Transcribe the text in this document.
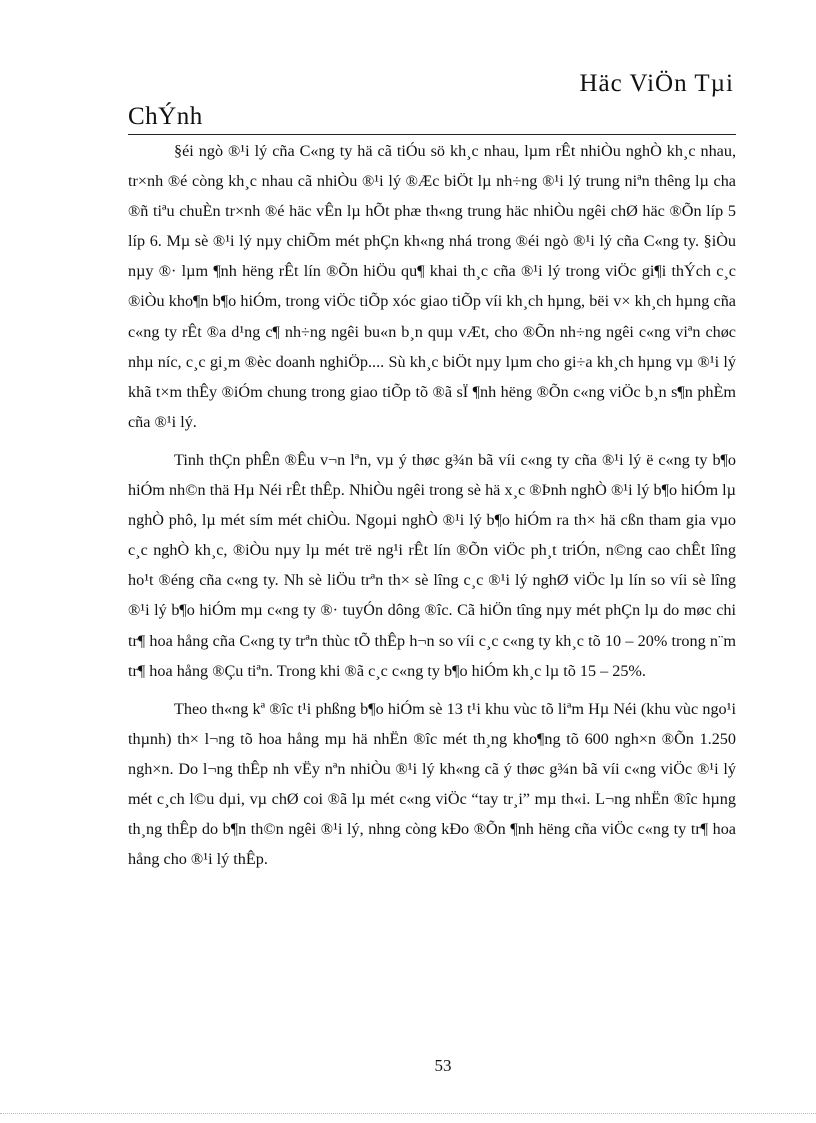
Häc ViÖn Tµi
ChÝnh

§éi ngò ®¹i lý cña C«ng ty hä cã tiÓu sö kh¸c nhau, lµm rÊt nhiÒu nghÒ kh¸c nhau, tr×nh ®é còng kh¸c nhau cã nhiÒu ®¹i lý ®Æc biÖt lµ nh÷ng ®¹i lý trung niªn thêng lµ cha ®ñ tiªu chuÈn tr×nh ®é häc vÊn lµ hÕt phæ th«ng trung häc nhiÒu ngêi chØ häc ®Õn líp 5 líp 6. Mµ sè ®¹i lý nµy chiÕm mét phÇn kh«ng nhá trong ®éi ngò ®¹i lý cña C«ng ty. §iÒu nµy ®· lµm ¶nh hëng rÊt lín ®Õn hiÖu qu¶ khai th¸c cña ®¹i lý trong viÖc gi¶i thÝch c¸c ®iÒu kho¶n b¶o hiÓm, trong viÖc tiÕp xóc giao tiÕp víi kh¸ch hµng, bëi v× kh¸ch hµng cña c«ng ty rÊt ®a d¹ng c¶ nh÷ng ngêi bu«n b¸n quµ vÆt, cho ®Õn nh÷ng ngêi c«ng viªn chøc nhµ níc, c¸c gi¸m ®èc doanh nghiÖp.... Sù kh¸c biÖt nµy lµm cho gi÷a kh¸ch hµng vµ ®¹i lý khã t×m thÊy ®iÓm chung trong giao tiÕp tõ ®ã sÏ ¶nh hëng ®Õn c«ng viÖc b¸n s¶n phÈm cña ®¹i lý.

Tinh thÇn phÊn ®Êu v¬n lªn, vµ ý thøc g¾n bã víi c«ng ty cña ®¹i lý ë c«ng ty b¶o hiÓm nh©n thä Hµ Néi rÊt thÊp. NhiÒu ngêi trong sè hä x¸c ®Þnh nghÒ ®¹i lý b¶o hiÓm lµ nghÒ phô, lµ mét sím mét chiÒu. Ngoµi nghÒ ®¹i lý b¶o hiÓm ra th× hä cßn tham gia vµo c¸c nghÒ kh¸c, ®iÒu nµy lµ mét trë ng¹i rÊt lín ®Õn viÖc ph¸t triÓn, n©ng cao chÊt lîng ho¹t ®éng cña c«ng ty. Nh sè liÖu trªn th× sè lîng c¸c ®¹i lý nghØ viÖc lµ lín so víi sè lîng ®¹i lý b¶o hiÓm mµ c«ng ty ®· tuyÓn dông ®îc. Cã hiÖn tîng nµy mét phÇn lµ do møc chi tr¶ hoa hång cña C«ng ty trªn thùc tÕ thÊp h¬n so víi c¸c c«ng ty kh¸c tõ 10 – 20% trong n¨m tr¶ hoa hång ®Çu tiªn. Trong khi ®ã c¸c c«ng ty b¶o hiÓm kh¸c lµ tõ 15 – 25%.

Theo th«ng kª ®îc t¹i phßng b¶o hiÓm sè 13 t¹i khu vùc tõ liªm Hµ Néi (khu vùc ngo¹i thµnh) th× l¬ng tõ hoa hång mµ hä nhËn ®îc mét th¸ng kho¶ng tõ 600 ngh×n ®Õn 1.250 ngh×n. Do l¬ng thÊp nh vËy nªn nhiÒu ®¹i lý kh«ng cã ý thøc g¾n bã víi c«ng viÖc ®¹i lý mét c¸ch l©u dµi, vµ chØ coi ®ã lµ mét c«ng viÖc “tay tr¸i” mµ th«i. L¬ng nhËn ®îc hµng th¸ng thÊp do b¶n th©n ngêi ®¹i lý, nhng còng kÐo ®Õn ¶nh hëng cña viÖc c«ng ty tr¶ hoa hång cho ®¹i lý thÊp.

53
